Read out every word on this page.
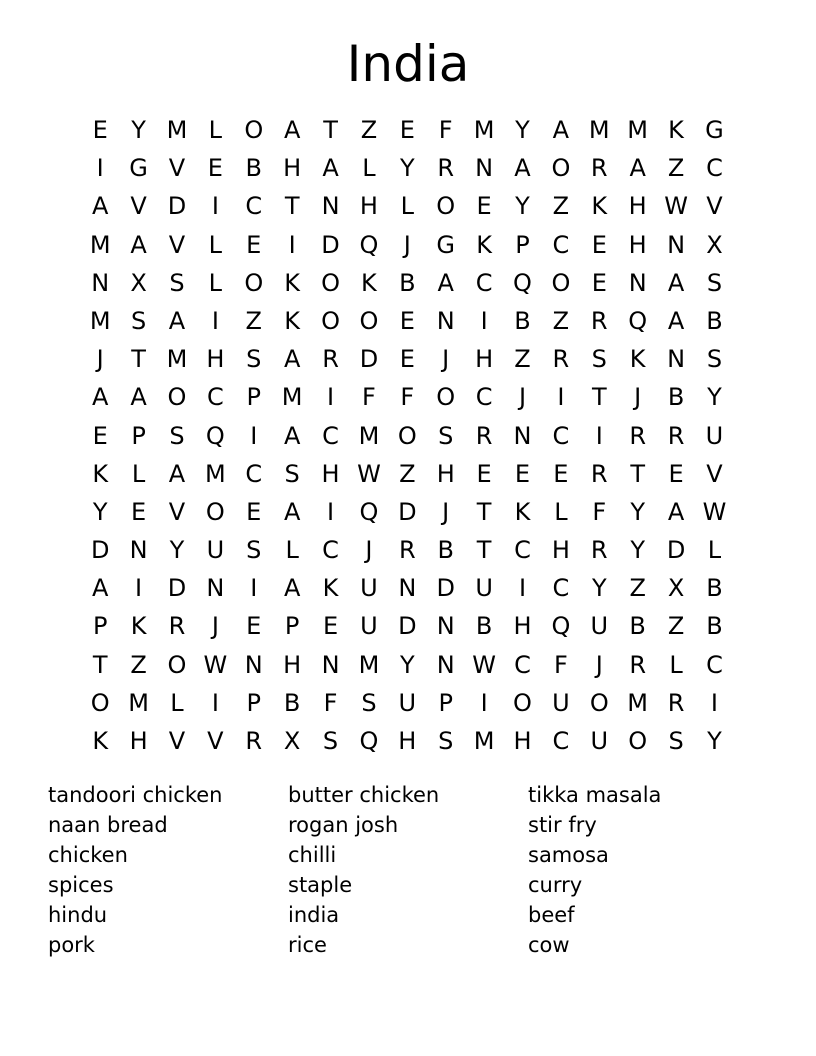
India
E Y M L O A T Z E F M Y A M M K G
I	G V E B H A L	Y R N A O R A Z C
A V D	I	C T N H L O E Y Z K H W V
M A V L	E	I	D Q	J	G K P C E H N X
N X S	L O K O K B A C Q O E N A S
M S A	I	Z K O O E N	I	B Z R Q A B
J	T M H S A R D E	J	H Z R S K N S
A A O C P M	I	F	F O C	J	I	T	J	B Y
E P S Q	I	A C M O S R N C	I	R R U
K L A M C S H W Z H E E E R T E V
Y E V O E A	I	Q D	J	T K L	F	Y A W
D N Y U S	L C	J	R B T C H R Y D L
A	I	D N	I	A K U N D U	I	C Y Z X B
P K R	J	E P E U D N B H Q U B Z B
T Z O W N H N M Y N W C F	J	R L C
O M L	I	P B F S U P	I	O U O M R	I
K H V V R X S Q H S M H C U O S Y
tandoori chicken
naan bread
chicken
spices
hindu
pork
butter chicken
rogan josh
chilli
staple
india
rice
tikka masala
stir fry
samosa
curry
beef
cow
